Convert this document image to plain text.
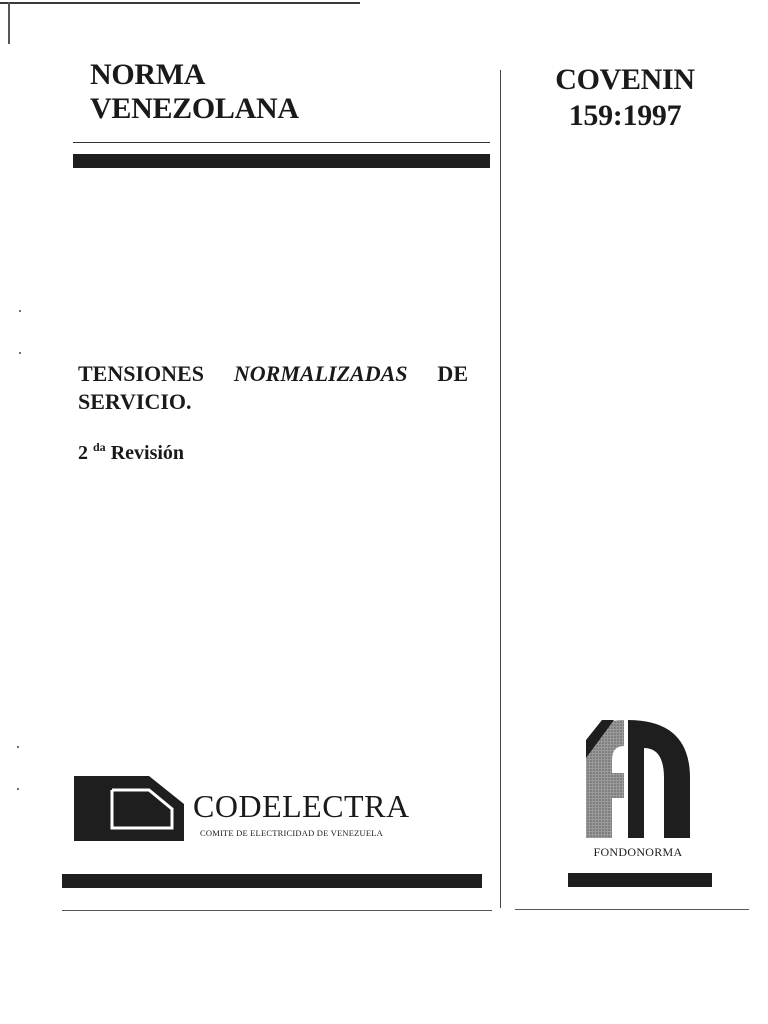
NORMA
VENEZOLANA
COVENIN
159:1997
TENSIONES NORMALIZADAS DE SERVICIO.
2 $^{da}$ Revisión
CODELECTRA
COMITE DE ELECTRICIDAD DE VENEZUELA
FONDONORMA
